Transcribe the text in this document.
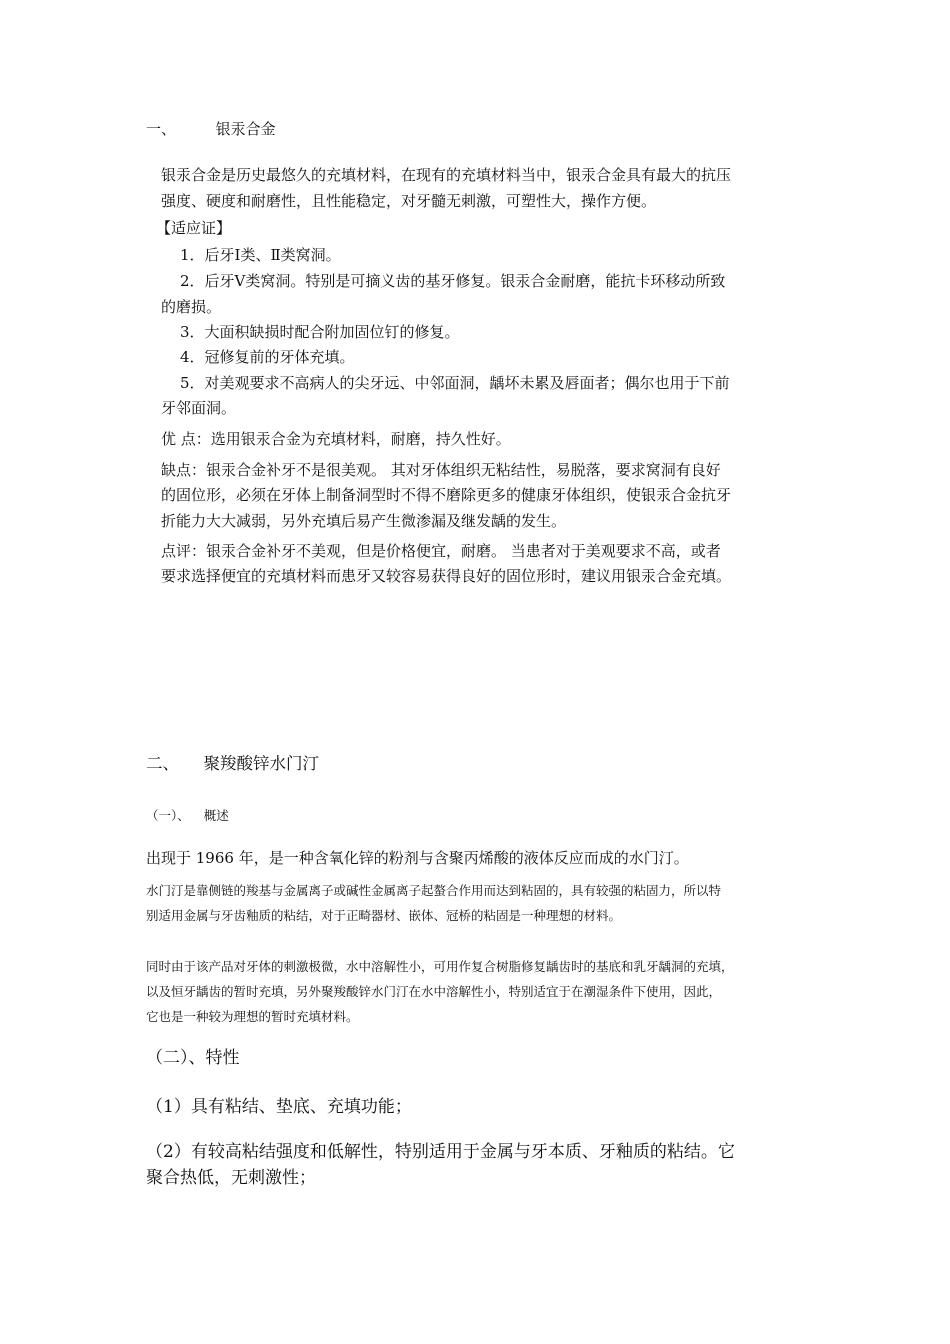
一、	银汞合金
银汞合金是历史最悠久的充填材料，在现有的充填材料当中，银汞合金具有最大的抗压
强度、硬度和耐磨性，且性能稳定，对牙髓无刺激，可塑性大，操作方便。
【适应证】
1．后牙Ⅰ类、Ⅱ类窝洞。
2．后牙Ⅴ类窝洞。特别是可摘义齿的基牙修复。银汞合金耐磨，能抗卡环移动所致
的磨损。
3．大面积缺损时配合附加固位钉的修复。
4．冠修复前的牙体充填。
5．对美观要求不高病人的尖牙远、中邻面洞，龋坏未累及唇面者；偶尔也用于下前
牙邻面洞。
优 点：选用银汞合金为充填材料，耐磨，持久性好。
缺点：银汞合金补牙不是很美观。 其对牙体组织无粘结性，易脱落，要求窝洞有良好
的固位形，必须在牙体上制备洞型时不得不磨除更多的健康牙体组织，使银汞合金抗牙
折能力大大减弱，另外充填后易产生微渗漏及继发龋的发生。
点评：银汞合金补牙不美观，但是价格便宜，耐磨。 当患者对于美观要求不高，或者
要求选择便宜的充填材料而患牙又较容易获得良好的固位形时，建议用银汞合金充填。
二、 聚羧酸锌水门汀
（一）、 概述
出现于 1966 年，是一种含氧化锌的粉剂与含聚丙烯酸的液体反应而成的水门汀。
水门汀是靠侧链的羧基与金属离子或碱性金属离子起螯合作用而达到粘固的，具有较强的粘固力，所以特
别适用金属与牙齿釉质的粘结，对于正畸器材、嵌体、冠桥的粘固是一种理想的材料。
同时由于该产品对牙体的刺激极微，水中溶解性小，可用作复合树脂修复龋齿时的基底和乳牙龋洞的充填，
以及恒牙龋齿的暂时充填，另外聚羧酸锌水门汀在水中溶解性小，特别适宜于在潮湿条件下使用，因此，
它也是一种较为理想的暂时充填材料。
（二）、特性
（1）具有粘结、垫底、充填功能；
（2）有较高粘结强度和低解性，特别适用于金属与牙本质、牙釉质的粘结。它
聚合热低，无刺激性；
